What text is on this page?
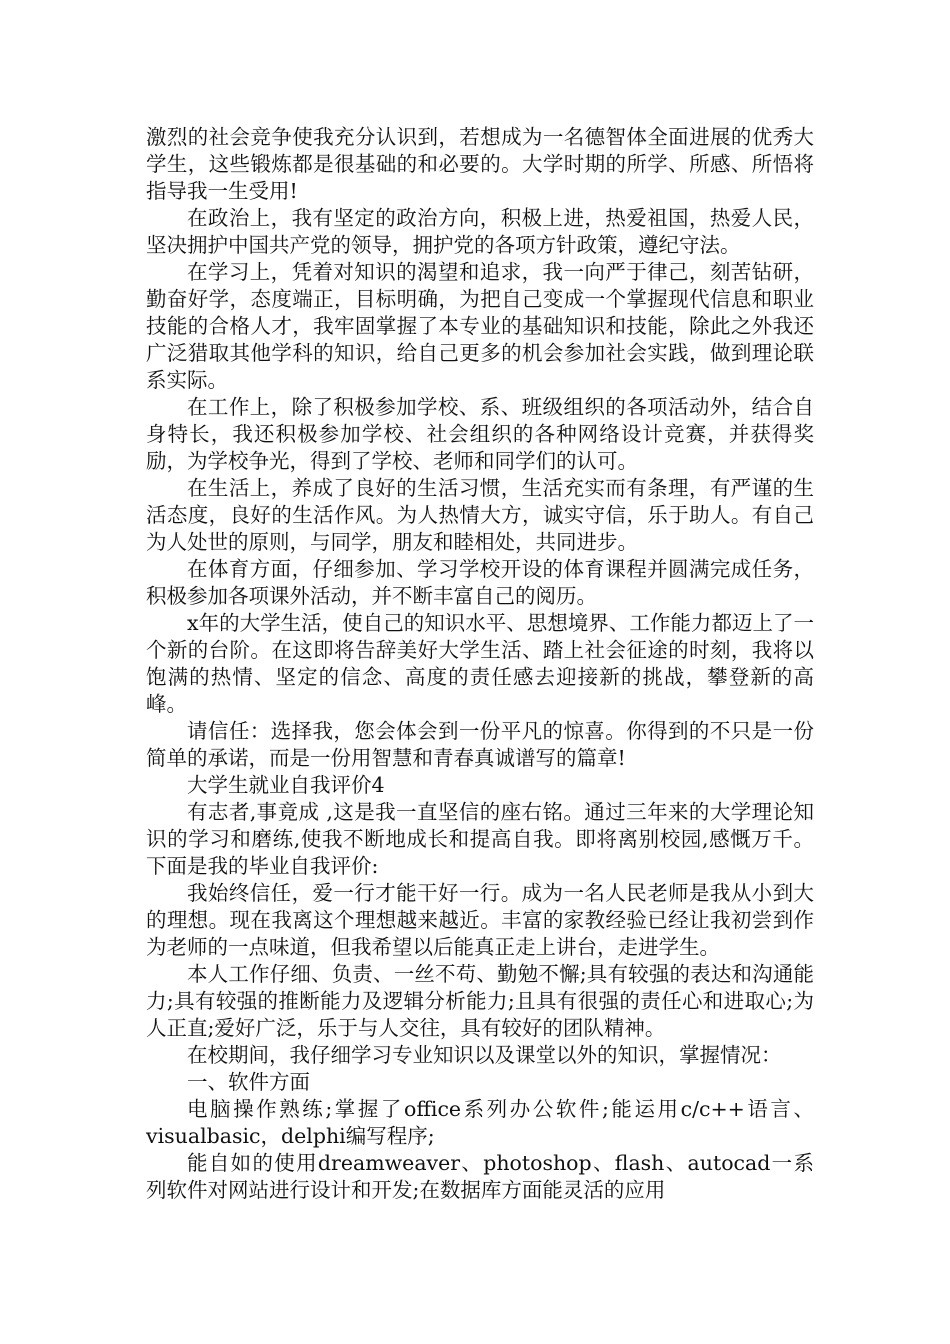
激烈的社会竞争使我充分认识到，若想成为一名德智体全面进展的优秀大学生，这些锻炼都是很基础的和必要的。大学时期的所学、所感、所悟将指导我一生受用!

在政治上，我有坚定的政治方向，积极上进，热爱祖国，热爱人民，坚决拥护中国共产党的领导，拥护党的各项方针政策，遵纪守法。

在学习上，凭着对知识的渴望和追求，我一向严于律己，刻苦钻研，勤奋好学，态度端正，目标明确，为把自己变成一个掌握现代信息和职业技能的合格人才，我牢固掌握了本专业的基础知识和技能，除此之外我还广泛猎取其他学科的知识，给自己更多的机会参加社会实践，做到理论联系实际。

在工作上，除了积极参加学校、系、班级组织的各项活动外，结合自身特长，我还积极参加学校、社会组织的各种网络设计竞赛，并获得奖励，为学校争光，得到了学校、老师和同学们的认可。

在生活上，养成了良好的生活习惯，生活充实而有条理，有严谨的生活态度，良好的生活作风。为人热情大方，诚实守信，乐于助人。有自己为人处世的原则，与同学，朋友和睦相处，共同进步。

在体育方面，仔细参加、学习学校开设的体育课程并圆满完成任务，积极参加各项课外活动，并不断丰富自己的阅历。

x年的大学生活，使自己的知识水平、思想境界、工作能力都迈上了一个新的台阶。在这即将告辞美好大学生活、踏上社会征途的时刻，我将以饱满的热情、坚定的信念、高度的责任感去迎接新的挑战，攀登新的高峰。

请信任：选择我，您会体会到一份平凡的惊喜。你得到的不只是一份简单的承诺，而是一份用智慧和青春真诚谱写的篇章!

大学生就业自我评价4

有志者,事竟成 ,这是我一直坚信的座右铭。通过三年来的大学理论知识的学习和磨练,使我不断地成长和提高自我。即将离别校园,感慨万千。下面是我的毕业自我评价:

我始终信任，爱一行才能干好一行。成为一名人民老师是我从小到大的理想。现在我离这个理想越来越近。丰富的家教经验已经让我初尝到作为老师的一点味道，但我希望以后能真正走上讲台，走进学生。

本人工作仔细、负责、一丝不苟、勤勉不懈;具有较强的表达和沟通能力;具有较强的推断能力及逻辑分析能力;且具有很强的责任心和进取心;为人正直;爱好广泛，乐于与人交往，具有较好的团队精神。

在校期间，我仔细学习专业知识以及课堂以外的知识，掌握情况：

一、软件方面

电脑操作熟练;掌握了office系列办公软件;能运用c/c++语言、visualbasic，delphi编写程序;

能自如的使用dreamweaver、photoshop、flash、autocad一系列软件对网站进行设计和开发;在数据库方面能灵活的应用
